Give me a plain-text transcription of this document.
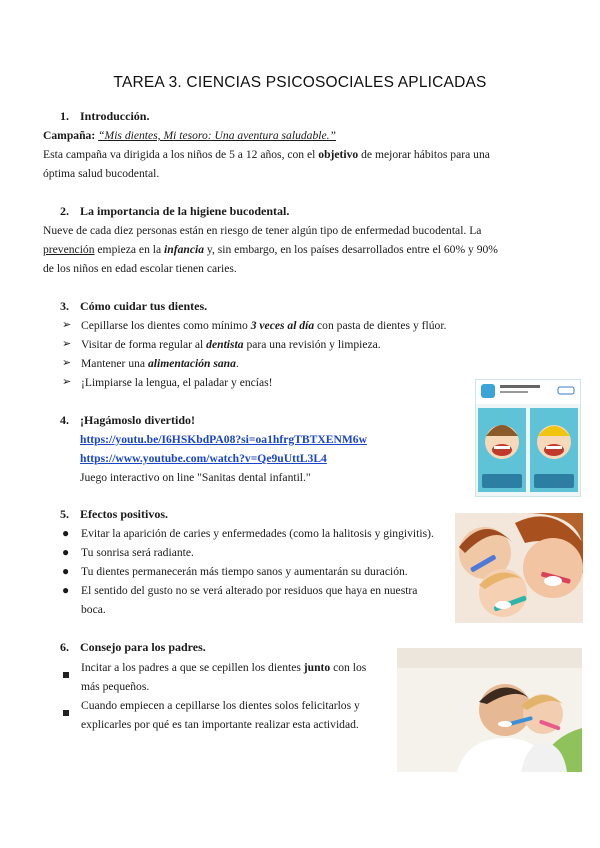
TAREA 3. CIENCIAS PSICOSOCIALES APLICADAS
1. Introducción.
Campaña: “Mis dientes, Mi tesoro: Una aventura saludable.”
Esta campaña va dirigida a los niños de 5 a 12 años, con el objetivo de mejorar hábitos para una
óptima salud bucodental.
2. La importancia de la higiene bucodental.
Nueve de cada diez personas están en riesgo de tener algún tipo de enfermedad bucodental. La
prevención empieza en la infancia y, sin embargo, en los países desarrollados entre el 60% y 90%
de los niños en edad escolar tienen caries.
3. Cómo cuidar tus dientes.
➢ Cepillarse los dientes como mínimo 3 veces al día con pasta de dientes y flúor.
➢ Visitar de forma regular al dentista para una revisión y limpieza.
➢ Mantener una alimentación sana.
➢ ¡Limpiarse la lengua, el paladar y encías!
4. ¡Hagámoslo divertido!
https://youtu.be/I6HSKbdPA08?si=oa1hfrgTBTXENM6w
https://www.youtube.com/watch?v=Qe9uUttL3L4
Juego interactivo on line "Sanitas dental infantil."
5. Efectos positivos.
● Evitar la aparición de caries y enfermedades (como la halitosis y gingivitis).
● Tu sonrisa será radiante.
● Tu dientes permanecerán más tiempo sanos y aumentarán su duración.
● El sentido del gusto no se verá alterado por residuos que haya en nuestra
boca.
6. Consejo para los padres.
Incitar a los padres a que se cepillen los dientes junto con los
más pequeños.
Cuando empiecen a cepillarse los dientes solos felicitarlos y
explicarles por qué es tan importante realizar esta actividad.
